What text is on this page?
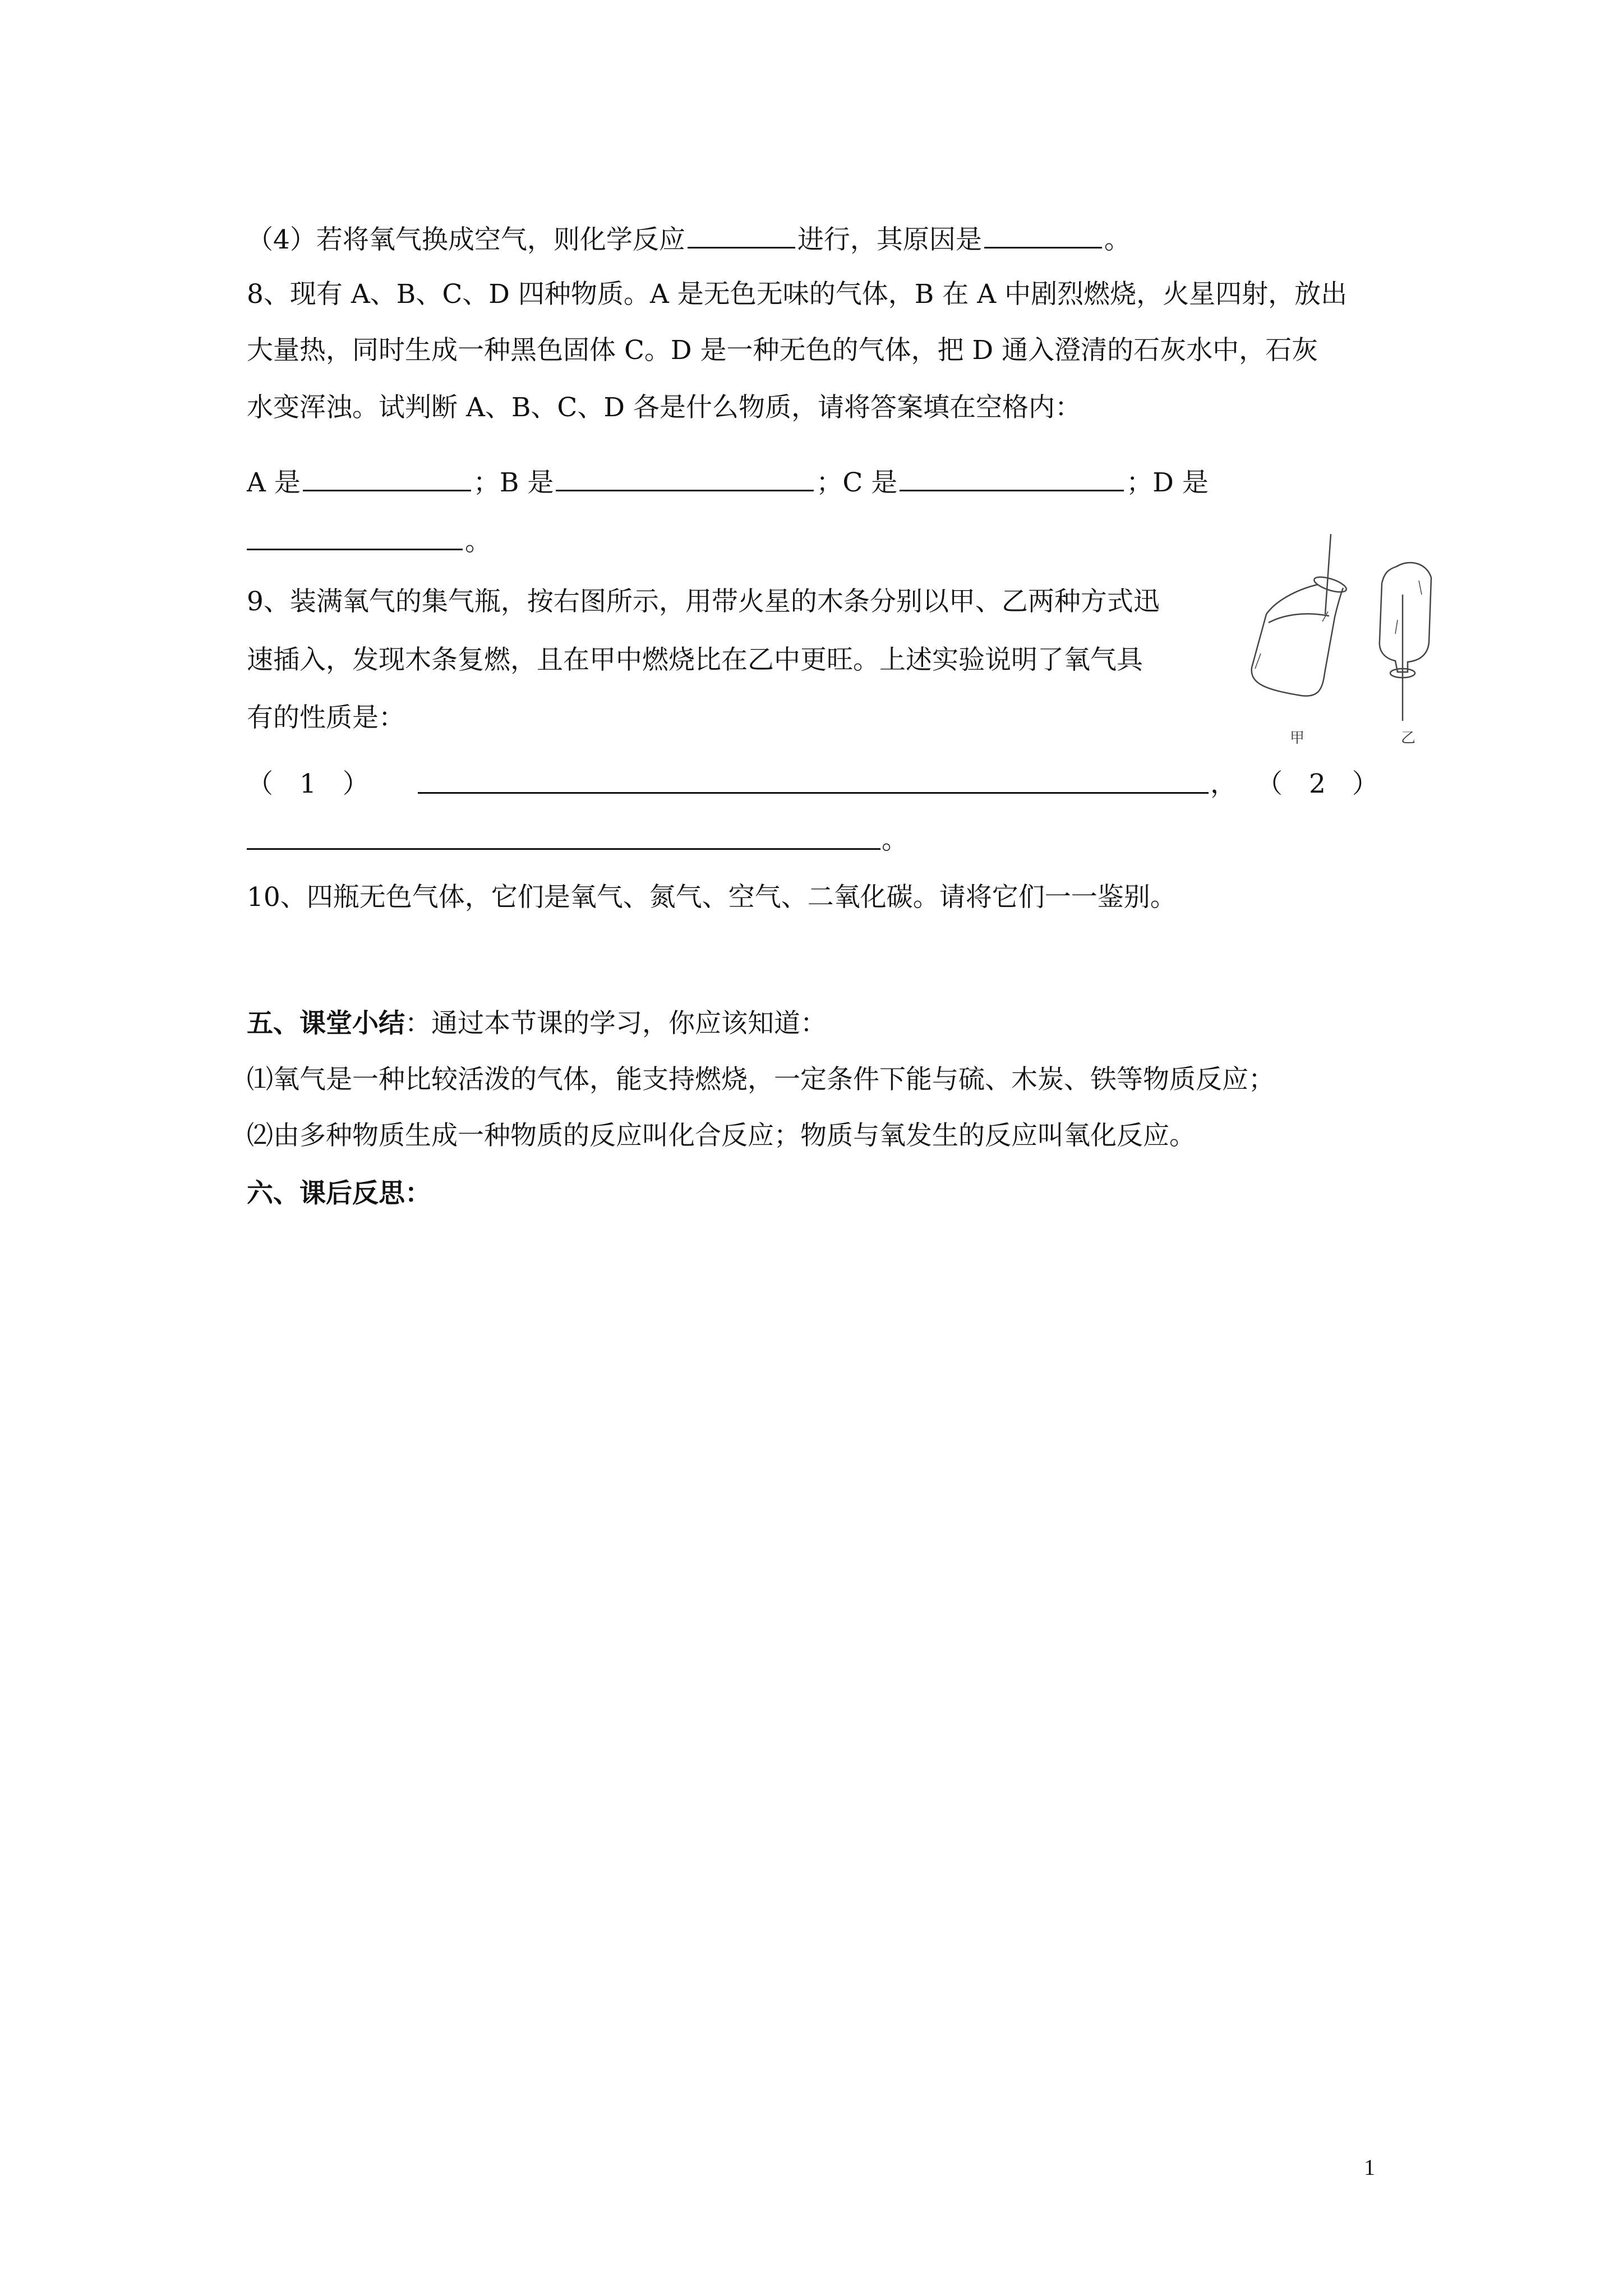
（4）若将氧气换成空气，则化学反应	进行，其原因是	。
8、现有 A、B、C、D 四种物质。A 是无色无味的气体，B 在 A 中剧烈燃烧，火星四射，放出
大量热，同时生成一种黑色固体 C。D 是一种无色的气体，把 D 通入澄清的石灰水中，石灰
水变浑浊。试判断 A、B、C、D 各是什么物质，请将答案填在空格内：
A 是	；B 是	；C 是	；D 是
。
9、装满氧气的集气瓶，按右图所示，用带火星的木条分别以甲、乙两种方式迅
速插入，发现木条复燃，且在甲中燃烧比在乙中更旺。上述实验说明了氧气具
有的性质是：
（　1　）	， （　2　）
。
甲	乙
10、四瓶无色气体，它们是氧气、氮气、空气、二氧化碳。请将它们一一鉴别。
五、课堂小结：通过本节课的学习，你应该知道：
⑴氧气是一种比较活泼的气体，能支持燃烧，一定条件下能与硫、木炭、铁等物质反应；
⑵由多种物质生成一种物质的反应叫化合反应；物质与氧发生的反应叫氧化反应。
六、课后反思：
1
